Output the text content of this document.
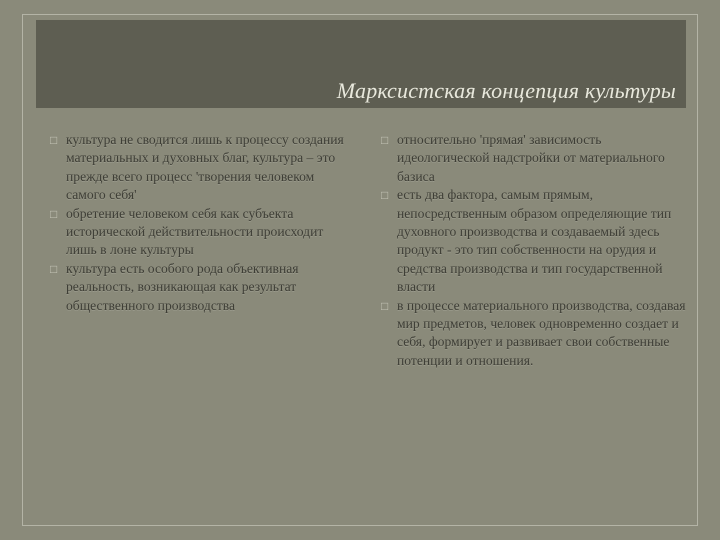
Марксистская концепция культуры
□ культура не сводится лишь к процессу создания материальных и духовных благ, культура – это прежде всего процесс 'творения человеком самого себя'
□ обретение человеком себя как субъекта исторической действительности происходит лишь в лоне культуры
□ культура есть особого рода объективная реальность, возникающая как результат общественного производства
□ относительно 'прямая' зависимость идеологической надстройки от материального базиса
□ есть два фактора, самым прямым, непосредственным образом определяющие тип духовного производства и создаваемый здесь продукт - это тип собственности на орудия и средства производства и тип государственной власти
□ в процессе материального производства, создавая мир предметов, человек одновременно создает и себя, формирует и развивает свои собственные потенции и отношения.
